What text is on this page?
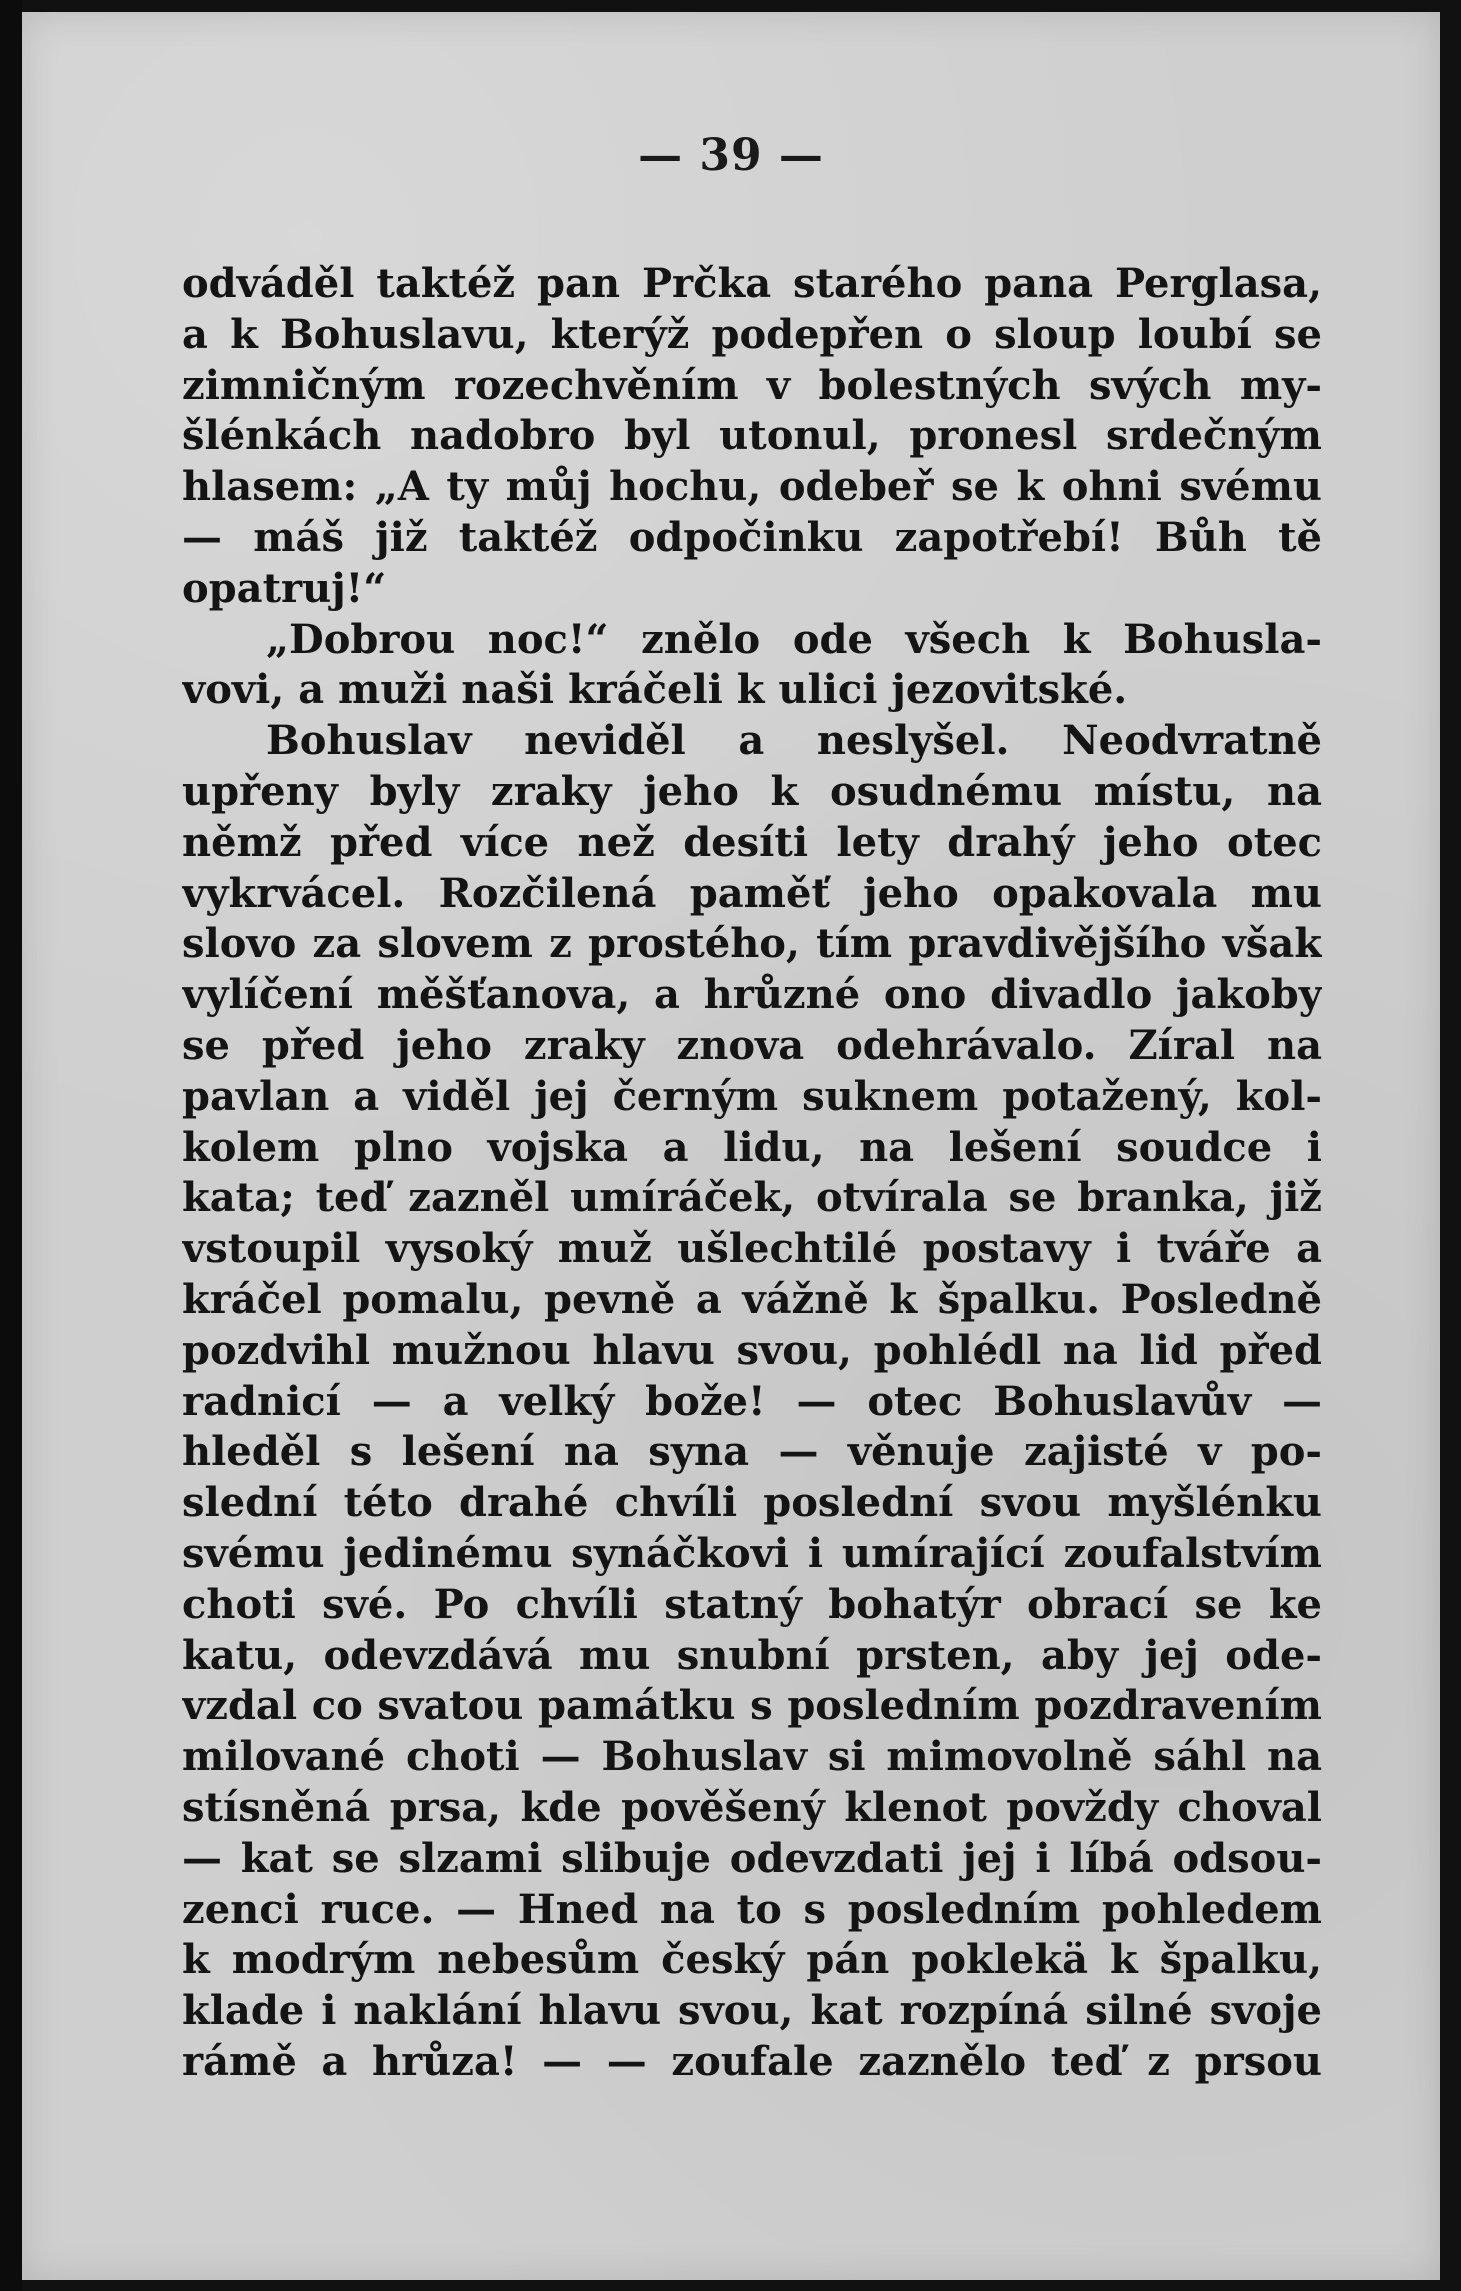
— 39 —
odváděl taktéž pan Prčka starého pana Perglasa,
a k Bohuslavu, kterýž podepřen o sloup loubí se
zimničným rozechvěním v bolestných svých my-
šlénkách nadobro byl utonul, pronesl srdečným
hlasem: „A ty můj hochu, odebeř se k ohni svému
— máš již taktéž odpočinku zapotřebí! Bůh tě
opatruj!“
„Dobrou noc!“ znělo ode všech k Bohusla-
vovi, a muži naši kráčeli k ulici jezovitské.
Bohuslav neviděl a neslyšel. Neodvratně
upřeny byly zraky jeho k osudnému místu, na
němž před více než desíti lety drahý jeho otec
vykrvácel. Rozčilená paměť jeho opakovala mu
slovo za slovem z prostého, tím pravdivějšího však
vylíčení měšťanova, a hrůzné ono divadlo jakoby
se před jeho zraky znova odehrávalo. Zíral na
pavlan a viděl jej černým suknem potažený, kol-
kolem plno vojska a lidu, na lešení soudce i
kata; teď zazněl umíráček, otvírala se branka, již
vstoupil vysoký muž ušlechtilé postavy i tváře a
kráčel pomalu, pevně a vážně k špalku. Posledně
pozdvihl mužnou hlavu svou, pohlédl na lid před
radnicí — a velký bože! — otec Bohuslavův —
hleděl s lešení na syna — věnuje zajisté v po-
slední této drahé chvíli poslední svou myšlénku
svému jedinému synáčkovi i umírající zoufalstvím
choti své. Po chvíli statný bohatýr obrací se ke
katu, odevzdává mu snubní prsten, aby jej ode-
vzdal co svatou památku s posledním pozdravením
milované choti — Bohuslav si mimovolně sáhl na
stísněná prsa, kde pověšený klenot povždy choval
— kat se slzami slibuje odevzdati jej i líbá odsou-
zenci ruce. — Hned na to s posledním pohledem
k modrým nebesům český pán poklekä k špalku,
klade i naklání hlavu svou, kat rozpíná silné svoje
rámě a hrůza! — — zoufale zaznělo teď z prsou
